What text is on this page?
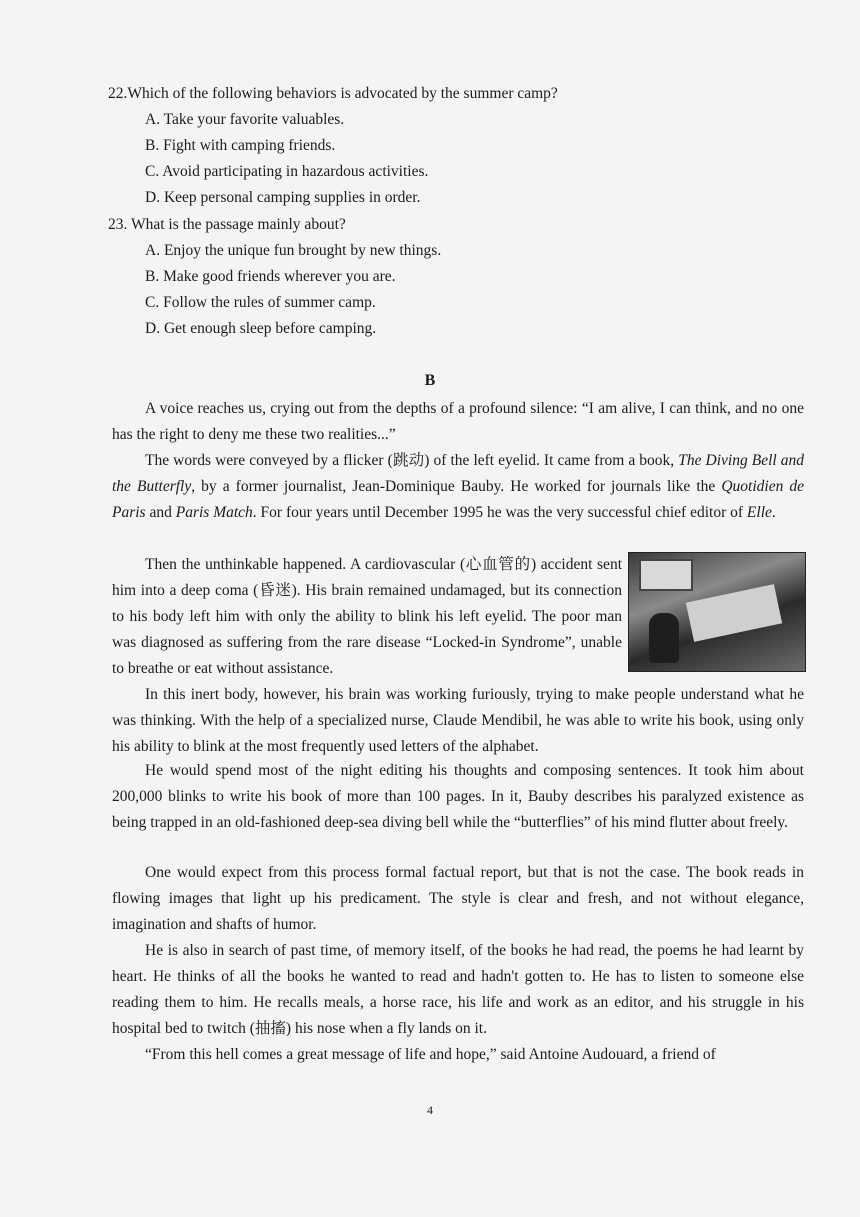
22.Which of the following behaviors is advocated by the summer camp?
A. Take your favorite valuables.
B. Fight with camping friends.
C. Avoid participating in hazardous activities.
D. Keep personal camping supplies in order.
23. What is the passage mainly about?
A. Enjoy the unique fun brought by new things.
B. Make good friends wherever you are.
C. Follow the rules of summer camp.
D. Get enough sleep before camping.
B
A voice reaches us, crying out from the depths of a profound silence: “I am alive, I can think, and no one has the right to deny me these two realities...”
The words were conveyed by a flicker (跳动) of the left eyelid. It came from a book, The Diving Bell and the Butterfly, by a former journalist, Jean-Dominique Bauby. He worked for journals like the Quotidien de Paris and Paris Match. For four years until December 1995 he was the very successful chief editor of Elle.
Then the unthinkable happened. A cardiovascular (心血管的) accident sent him into a deep coma (昏迷). His brain remained undamaged, but its connection to his body left him with only the ability to blink his left eyelid. The poor man was diagnosed as suffering from the rare disease “Locked-in Syndrome”, unable to breathe or eat without assistance.
In this inert body, however, his brain was working furiously, trying to make people understand what he was thinking. With the help of a specialized nurse, Claude Mendibil, he was able to write his book, using only his ability to blink at the most frequently used letters of the alphabet.
He would spend most of the night editing his thoughts and composing sentences. It took him about 200,000 blinks to write his book of more than 100 pages. In it, Bauby describes his paralyzed existence as being trapped in an old-fashioned deep-sea diving bell while the “butterflies” of his mind flutter about freely.
One would expect from this process formal factual report, but that is not the case. The book reads in flowing images that light up his predicament. The style is clear and fresh, and not without elegance, imagination and shafts of humor.
He is also in search of past time, of memory itself, of the books he had read, the poems he had learnt by heart. He thinks of all the books he wanted to read and hadn't gotten to. He has to listen to someone else reading them to him. He recalls meals, a horse race, his life and work as an editor, and his struggle in his hospital bed to twitch (抽搐) his nose when a fly lands on it.
“From this hell comes a great message of life and hope,” said Antoine Audouard, a friend of
4
